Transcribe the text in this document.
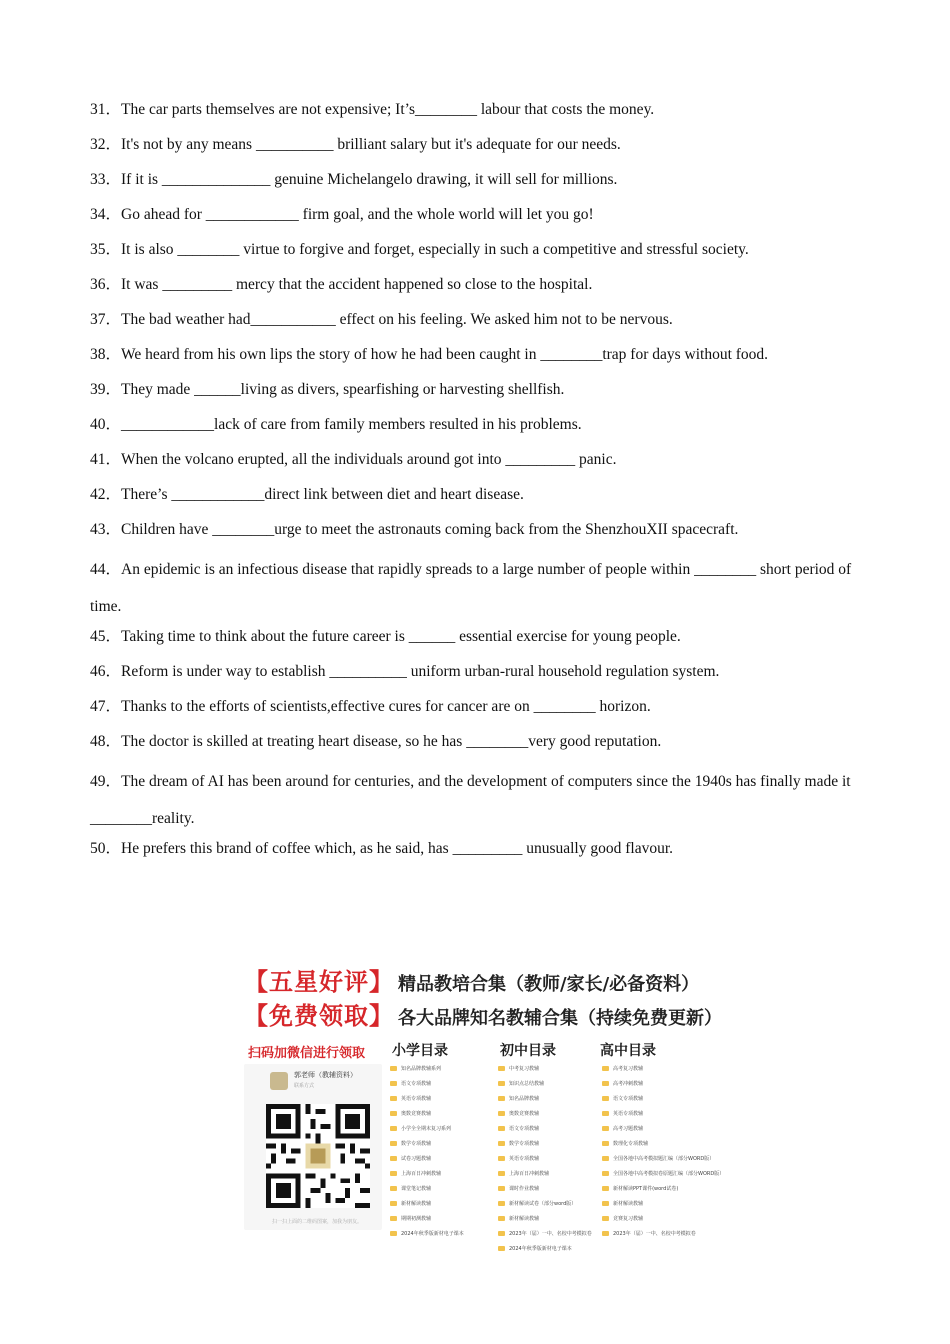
31．The car parts themselves are not expensive; It’s________ labour that costs the money.
32．It's not by any means __________ brilliant salary but it's adequate for our needs.
33．If it is ______________ genuine Michelangelo drawing, it will sell for millions.
34．Go ahead for ____________ firm goal, and the whole world will let you go!
35．It is also ________ virtue to forgive and forget, especially in such a competitive and stressful society.
36．It was _________ mercy that the accident happened so close to the hospital.
37．The bad weather had___________ effect on his feeling. We asked him not to be nervous.
38．We heard from his own lips the story of how he had been caught in ________trap for days without food.
39．They made ______living as divers, spearfishing or harvesting shellfish.
40．____________lack of care from family members resulted in his problems.
41．When the volcano erupted, all the individuals around got into _________ panic.
42．There’s ____________direct link between diet and heart disease.
43．Children have ________urge to meet the astronauts coming back from the ShenzhouXII spacecraft.
44．An epidemic is an infectious disease that rapidly spreads to a large number of people within ________ short period of time.
45．Taking time to think about the future career is ______ essential exercise for young people.
46．Reform is under way to establish __________ uniform urban-rural household regulation system.
47．Thanks to the efforts of scientists,effective cures for cancer are on ________ horizon.
48．The doctor is skilled at treating heart disease, so he has ________very good reputation.
49．The dream of AI has been around for centuries, and the development of computers since the 1940s has finally made it ________reality.
50．He prefers this brand of coffee which, as he said, has _________ unusually good flavour.
【五星好评】 精品教培合集（教师/家长/必备资料）
【免费领取】 各大品牌知名教辅合集（持续免费更新）
扫码加微信进行领取 小学目录	初中目录	高中目录
郭老师（教辅资料）
联系方式
扫一扫上面的二维码图案，加我为朋友。
知名品牌教辅系列
语文专项教辅
英语专项教辅
奥数竞赛教辅
小学全全期末复习系列
数学专项教辅
试卷习题教辅
上海百日冲刺教辅
课堂笔记教辅
新材解读教辅
期期初测教辅
2024年秋季版新材电子课本
中考复习教辅
知识点总结教辅
知名品牌教辅
奥数竞赛教辅
语文专项教辅
数学专项教辅
英语专项教辅
上海百日冲刺教辅
课时作业教辅
新材解读试卷（部分word版）
新材解读教辅
2023年（届）一中、名校中考模拟卷
2024年秋季版新材电子课本
高考复习教辅
高考冲刺教辅
语文专项教辅
英语专项教辅
高考习题教辅
数理化专项教辅
全国各地中高考模拟题汇编（部分WORD版）
全国各地中高考模拟卷原题汇编（部分WORD版）
新材解读PPT课件(word试卷)
新材解读教辅
竞赛复习教辅
2023年（届）一中、名校中考模拟卷
